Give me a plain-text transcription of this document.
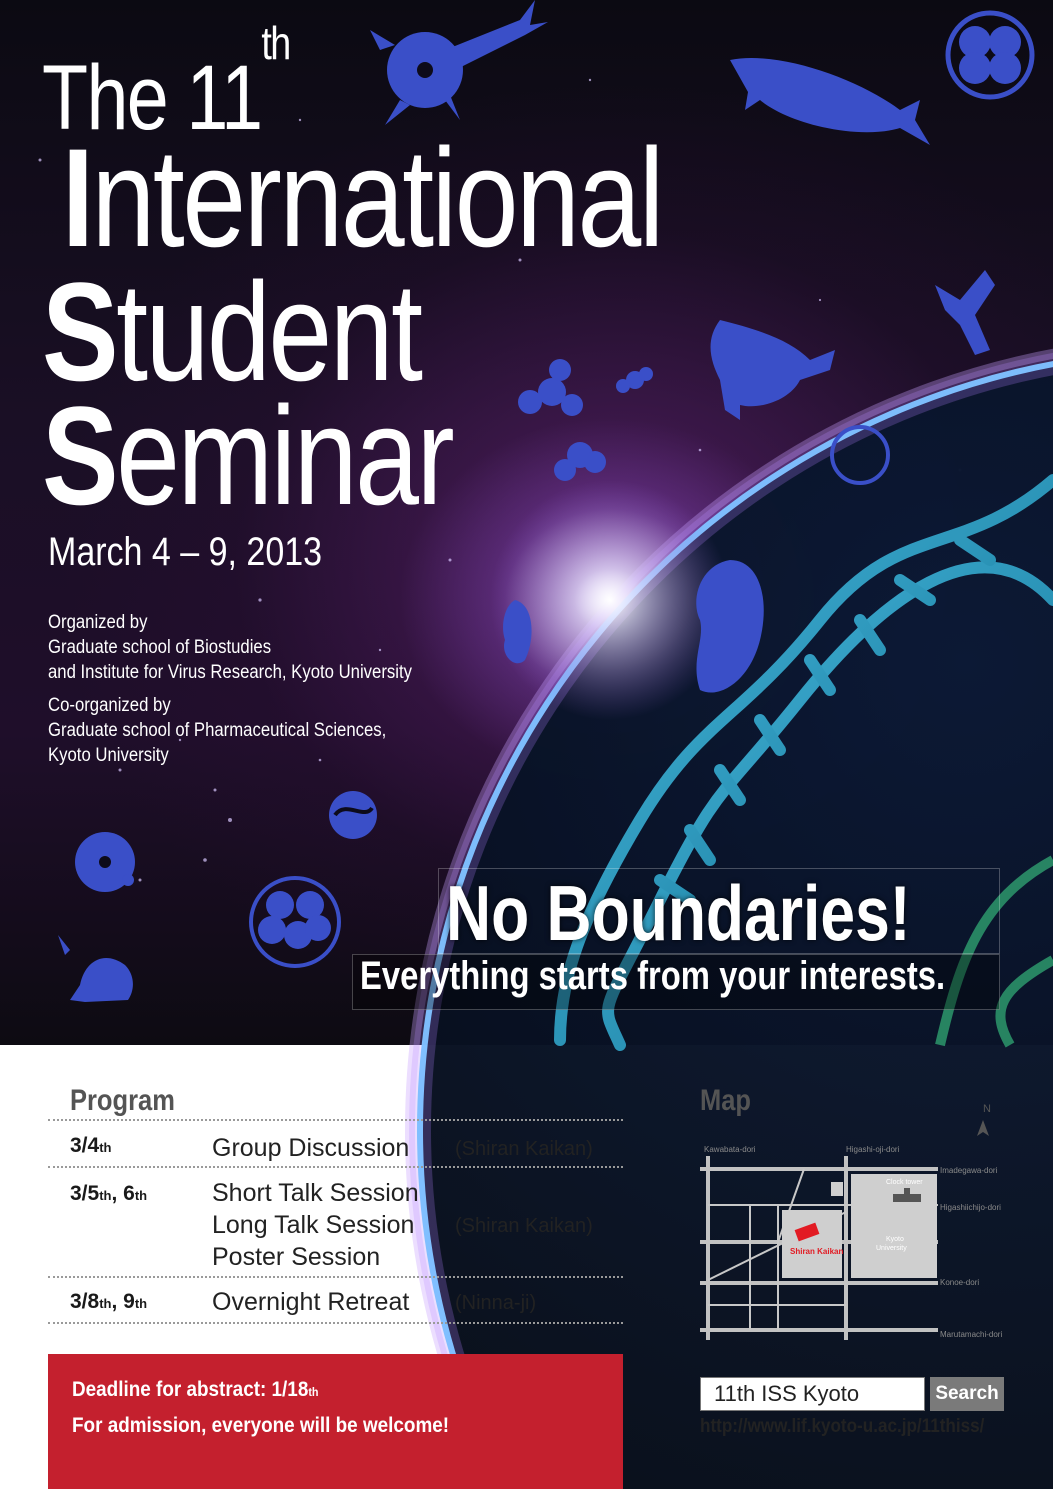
The 11th
International
Student
Seminar
March 4 – 9, 2013
Organized by
Graduate school of Biostudies
and Institute for Virus Research, Kyoto University
Co-organized by
Graduate school of Pharmaceutical Sciences,
Kyoto University
No Boundaries!
Everything starts from your interests.
Program
3/4th	Group Discussion (Shiran Kaikan)
3/5th, 6th	Short Talk Session
Long Talk Session
Poster Session
(Shiran Kaikan)
3/8th, 9th	Overnight Retreat (Ninna-ji)
Deadline for abstract: 1/18th
For admission, everyone will be welcome!
Map	N
Kawabata-dori	Higashi-oji-dori
Imadegawa-dori
Higashiichijo-dori
Konoe-dori
Marutamachi-dori
Clock tower
Kyoto
University
Shiran Kaikan
11th ISS Kyoto	Search
http://www.lif.kyoto-u.ac.jp/11thiss/
